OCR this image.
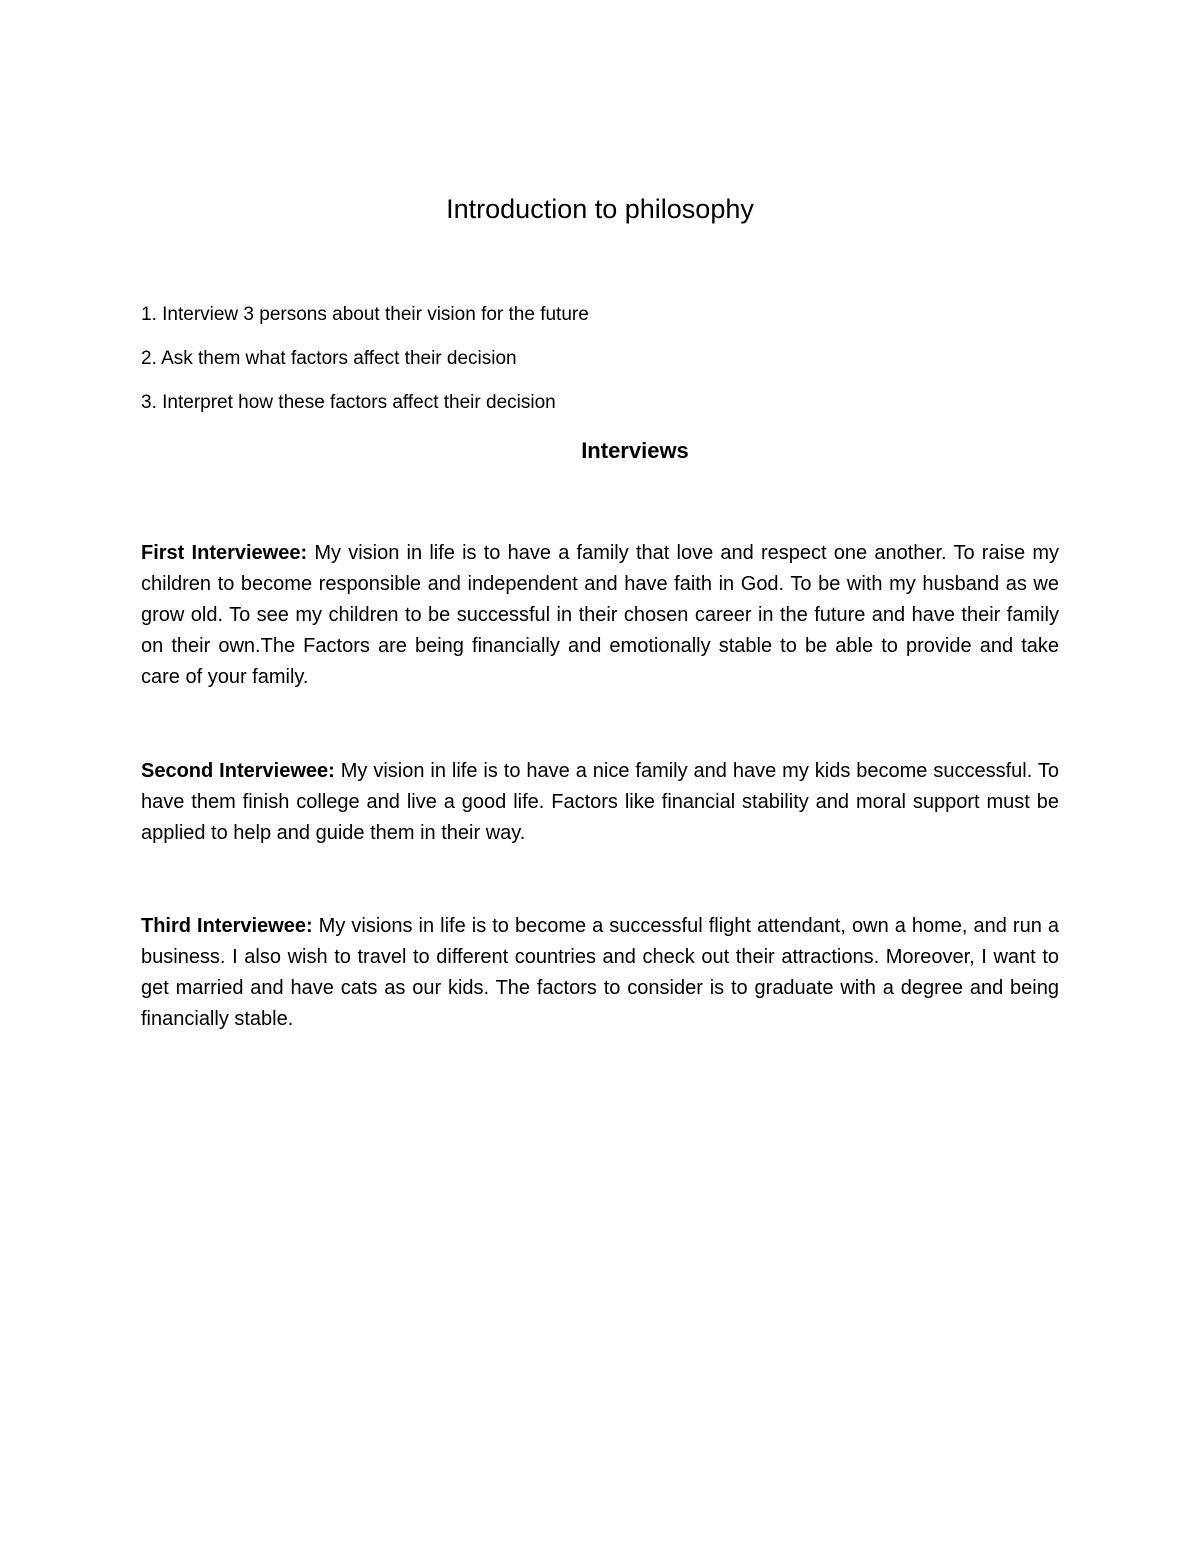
Introduction to philosophy
1. Interview 3 persons about their vision for the future
2. Ask them what factors affect their decision
3. Interpret how these factors affect their decision
Interviews

First Interviewee: My vision in life is to have a family that love and respect one another. To raise my children to become responsible and independent and have faith in God. To be with my husband as we grow old. To see my children to be successful in their chosen career in the future and have their family on their own.The Factors are being financially and emotionally stable to be able to provide and take care of your family.

Second Interviewee: My vision in life is to have a nice family and have my kids become successful. To have them finish college and live a good life. Factors like financial stability and moral support must be applied to help and guide them in their way.

Third Interviewee: My visions in life is to become a successful flight attendant, own a home, and run a business. I also wish to travel to different countries and check out their attractions. Moreover, I want to get married and have cats as our kids. The factors to consider is to graduate with a degree and being financially stable.
